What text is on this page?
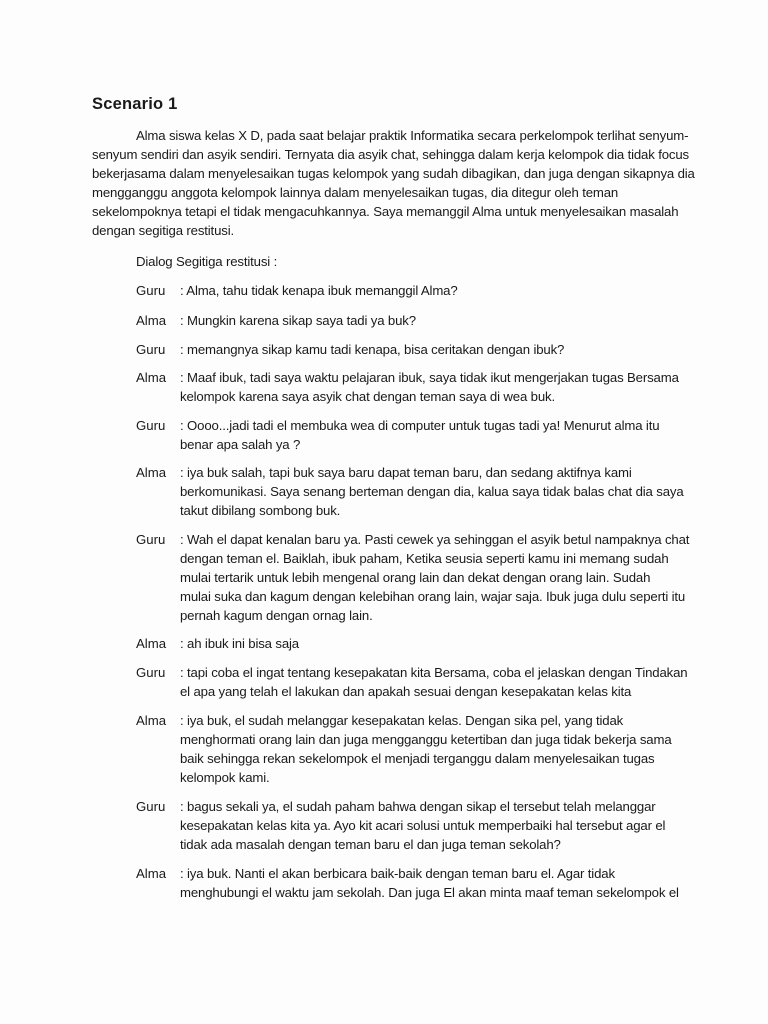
Scenario 1
Alma siswa kelas X D, pada saat belajar praktik Informatika secara perkelompok terlihat senyum-
senyum sendiri dan asyik sendiri. Ternyata dia asyik chat, sehingga dalam kerja kelompok dia tidak focus
bekerjasama dalam menyelesaikan tugas kelompok yang sudah dibagikan, dan juga dengan sikapnya dia
mengganggu anggota kelompok lainnya dalam menyelesaikan tugas, dia ditegur oleh teman
sekelompoknya tetapi el tidak mengacuhkannya. Saya memanggil Alma untuk menyelesaikan masalah
dengan segitiga restitusi.
Dialog Segitiga restitusi :
Guru : Alma, tahu tidak kenapa ibuk memanggil Alma?
Alma : Mungkin karena sikap saya tadi ya buk?
Guru : memangnya sikap kamu tadi kenapa, bisa ceritakan dengan ibuk?
Alma : Maaf ibuk, tadi saya waktu pelajaran ibuk, saya tidak ikut mengerjakan tugas Bersama
kelompok karena saya asyik chat dengan teman saya di wea buk.
Guru : Oooo...jadi tadi el membuka wea di computer untuk tugas tadi ya! Menurut alma itu
benar apa salah ya ?
Alma : iya buk salah, tapi buk saya baru dapat teman baru, dan sedang aktifnya kami
berkomunikasi. Saya senang berteman dengan dia, kalua saya tidak balas chat dia saya
takut dibilang sombong buk.
Guru : Wah el dapat kenalan baru ya. Pasti cewek ya sehinggan el asyik betul nampaknya chat
dengan teman el. Baiklah, ibuk paham, Ketika seusia seperti kamu ini memang sudah
mulai tertarik untuk lebih mengenal orang lain dan dekat dengan orang lain. Sudah
mulai suka dan kagum dengan kelebihan orang lain, wajar saja. Ibuk juga dulu seperti itu
pernah kagum dengan ornag lain.
Alma : ah ibuk ini bisa saja
Guru : tapi coba el ingat tentang kesepakatan kita Bersama, coba el jelaskan dengan Tindakan
el apa yang telah el lakukan dan apakah sesuai dengan kesepakatan kelas kita
Alma : iya buk, el sudah melanggar kesepakatan kelas. Dengan sika pel, yang tidak
menghormati orang lain dan juga mengganggu ketertiban dan juga tidak bekerja sama
baik sehingga rekan sekelompok el menjadi terganggu dalam menyelesaikan tugas
kelompok kami.
Guru : bagus sekali ya, el sudah paham bahwa dengan sikap el tersebut telah melanggar
kesepakatan kelas kita ya. Ayo kit acari solusi untuk memperbaiki hal tersebut agar el
tidak ada masalah dengan teman baru el dan juga teman sekolah?
Alma : iya buk. Nanti el akan berbicara baik-baik dengan teman baru el. Agar tidak
menghubungi el waktu jam sekolah. Dan juga El akan minta maaf teman sekelompok el
